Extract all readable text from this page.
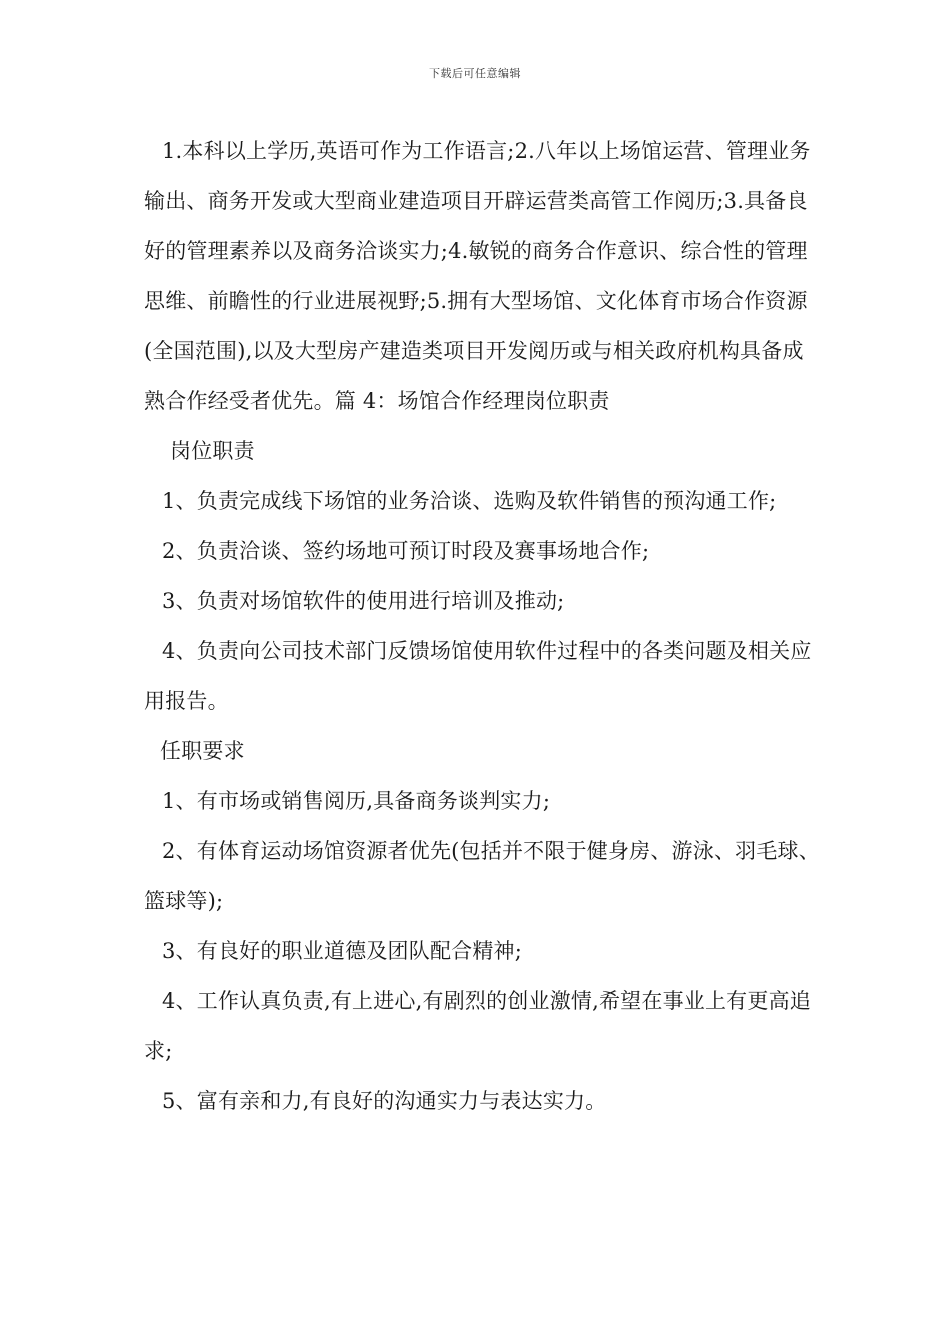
下载后可任意编辑

1.本科以上学历,英语可作为工作语言;2.八年以上场馆运营、管理业务输出、商务开发或大型商业建造项目开辟运营类高管工作阅历;3.具备良好的管理素养以及商务洽谈实力;4.敏锐的商务合作意识、综合性的管理思维、前瞻性的行业进展视野;5.拥有大型场馆、文化体育市场合作资源(全国范围),以及大型房产建造类项目开发阅历或与相关政府机构具备成熟合作经受者优先。篇 4：场馆合作经理岗位职责

岗位职责

1、负责完成线下场馆的业务洽谈、选购及软件销售的预沟通工作;

2、负责洽谈、签约场地可预订时段及赛事场地合作;

3、负责对场馆软件的使用进行培训及推动;

4、负责向公司技术部门反馈场馆使用软件过程中的各类问题及相关应用报告。

任职要求

1、有市场或销售阅历,具备商务谈判实力;

2、有体育运动场馆资源者优先(包括并不限于健身房、游泳、羽毛球、篮球等);

3、有良好的职业道德及团队配合精神;

4、工作认真负责,有上进心,有剧烈的创业激情,希望在事业上有更高追求;

5、富有亲和力,有良好的沟通实力与表达实力。
